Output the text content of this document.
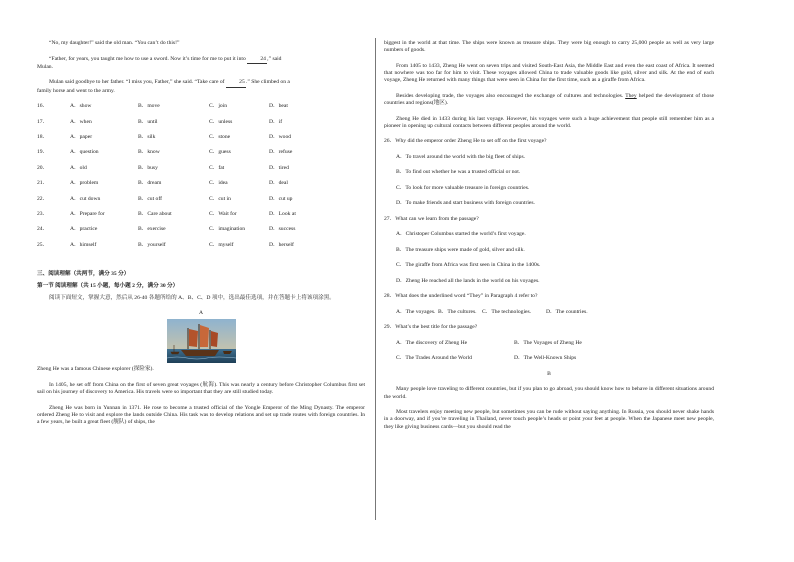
“No, my daughter!” said the old man. “You can’t do this!”

“Father, for years, you taught me how to use a sword. Now it’s time for me to put it into	24,” said

Mulan.

Mulan said goodbye to her father. “I miss you, Father,” she said. “Take care of	25.” She climbed on a

family horse and went to the army.

16．	A．show	B．move	C．join	D．beat
17．	A．when	B．until	C．unless	D．if
18．	A．paper	B．silk	C．stone	D．wood
19．	A．question	B．know	C．guess	D．refuse
20．	A．old	B．busy	C．fat	D．tired
21．	A．problem	B．dream	C．idea	D．deal
22．	A．cut down	B．cut off	C．cut in	D．cut up
23．	A．Prepare for	B．Care about	C．Wait for	D．Look at
24．	A．practice	B．exercise	C．imagination	D．success
25．	A．himself	B．yourself	C．myself	D．herself

三、阅读理解（共两节，满分 35 分）

第一节 阅读理解（共 15 小题，每小题 2 分，满分 30 分）

阅读下面短文，掌握大意，然后从 26-40 各题所给的 A、B、C、D 项中，选出最佳选项，并在答题卡上将该项涂黑。

A

Zheng He was a famous Chinese explorer (探险家).

In 1405, he set off from China on the first of seven great voyages (航海). This was nearly a century before Christopher Columbus first set sail on his journey of discovery to America. His travels were so important that they are still studied today.

Zheng He was born in Yunnan in 1371. He rose to become a trusted official of the Yongle Emperor of the Ming Dynasty. The emperor ordered Zheng He to visit and explore the lands outside China. His task was to develop relations and set up trade routes with foreign countries. In a few years, he built a great fleet (舰队) of ships, the

biggest in the world at that time. The ships were known as treasure ships. They were big enough to carry 25,000 people as well as very large numbers of goods.

From 1405 to 1433, Zheng He went on seven trips and visited South-East Asia, the Middle East and even the east coast of Africa. It seemed that nowhere was too far for him to visit. These voyages allowed China to trade valuable goods like gold, silver and silk. At the end of each voyage, Zheng He returned with many things that were seen in China for the first time, such as a giraffe from Africa.

Besides developing trade, the voyages also encouraged the exchange of cultures and technologies. They helped the development of those countries and regions(地区).

Zheng He died in 1433 during his last voyage. However, his voyages were such a huge achievement that people still remember him as a pioneer in opening up cultural contacts between different peoples around the world.

26．Why did the emperor order Zheng He to set off on the first voyage?

A．To travel around the world with the big fleet of ships.

B．To find out whether he was a trusted official or not.

C．To look for more valuable treasure in foreign countries.

D．To make friends and start business with foreign countries.

27．What can we learn from the passage?

A．Christoper Columbus started the world’s first voyage.

B．The treasure ships were made of gold, silver and silk.

C．The giraffe from Africa was first seen in China in the 1400s.

D．Zheng He reached all the lands in the world on his voyages.

28．What does the underlined word “They” in Paragraph 4 refer to?

A．The voyages. B．The cultures. C．The technologies.	D．The countries.

29．What’s the best title for the passage?

A．The discovery of Zheng He	B．The Voyages of Zheng He
C．The Trades Around the World	D．The Well-Known Ships

B

Many people love traveling to different countries, but if you plan to go abroad, you should know how to behave in different situations around the world.

Most travelers enjoy meeting new people, but sometimes you can be rude without saying anything. In Russia, you should never shake hands in a doorway, and if you’re traveling in Thailand, never touch people’s heads or point your feet at people. When the Japanese meet new people, they like giving business cards—but you should read the
